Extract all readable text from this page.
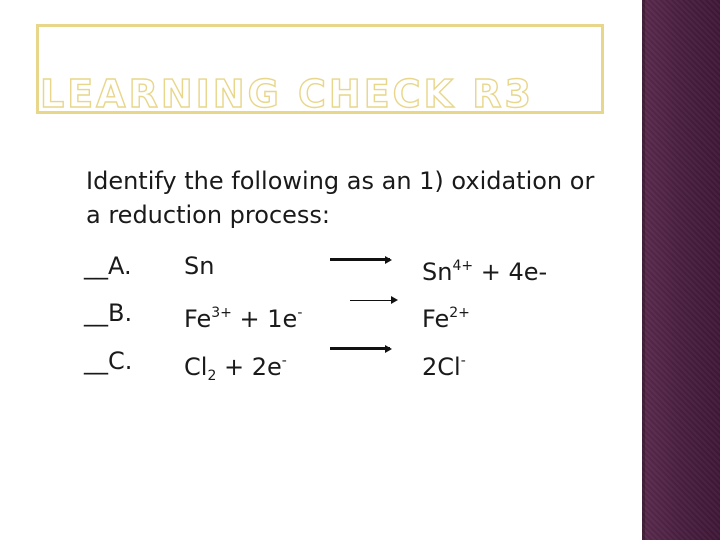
LEARNING CHECK R3
Identify the following as an 1) oxidation or
a reduction process:
__A. Sn	$Sn^{4+} + 4e-$
__B. $Fe^{3+} + 1e^-$	$Fe^{2+}$
__C. $Cl_2 + 2e^-$	2Cl-
